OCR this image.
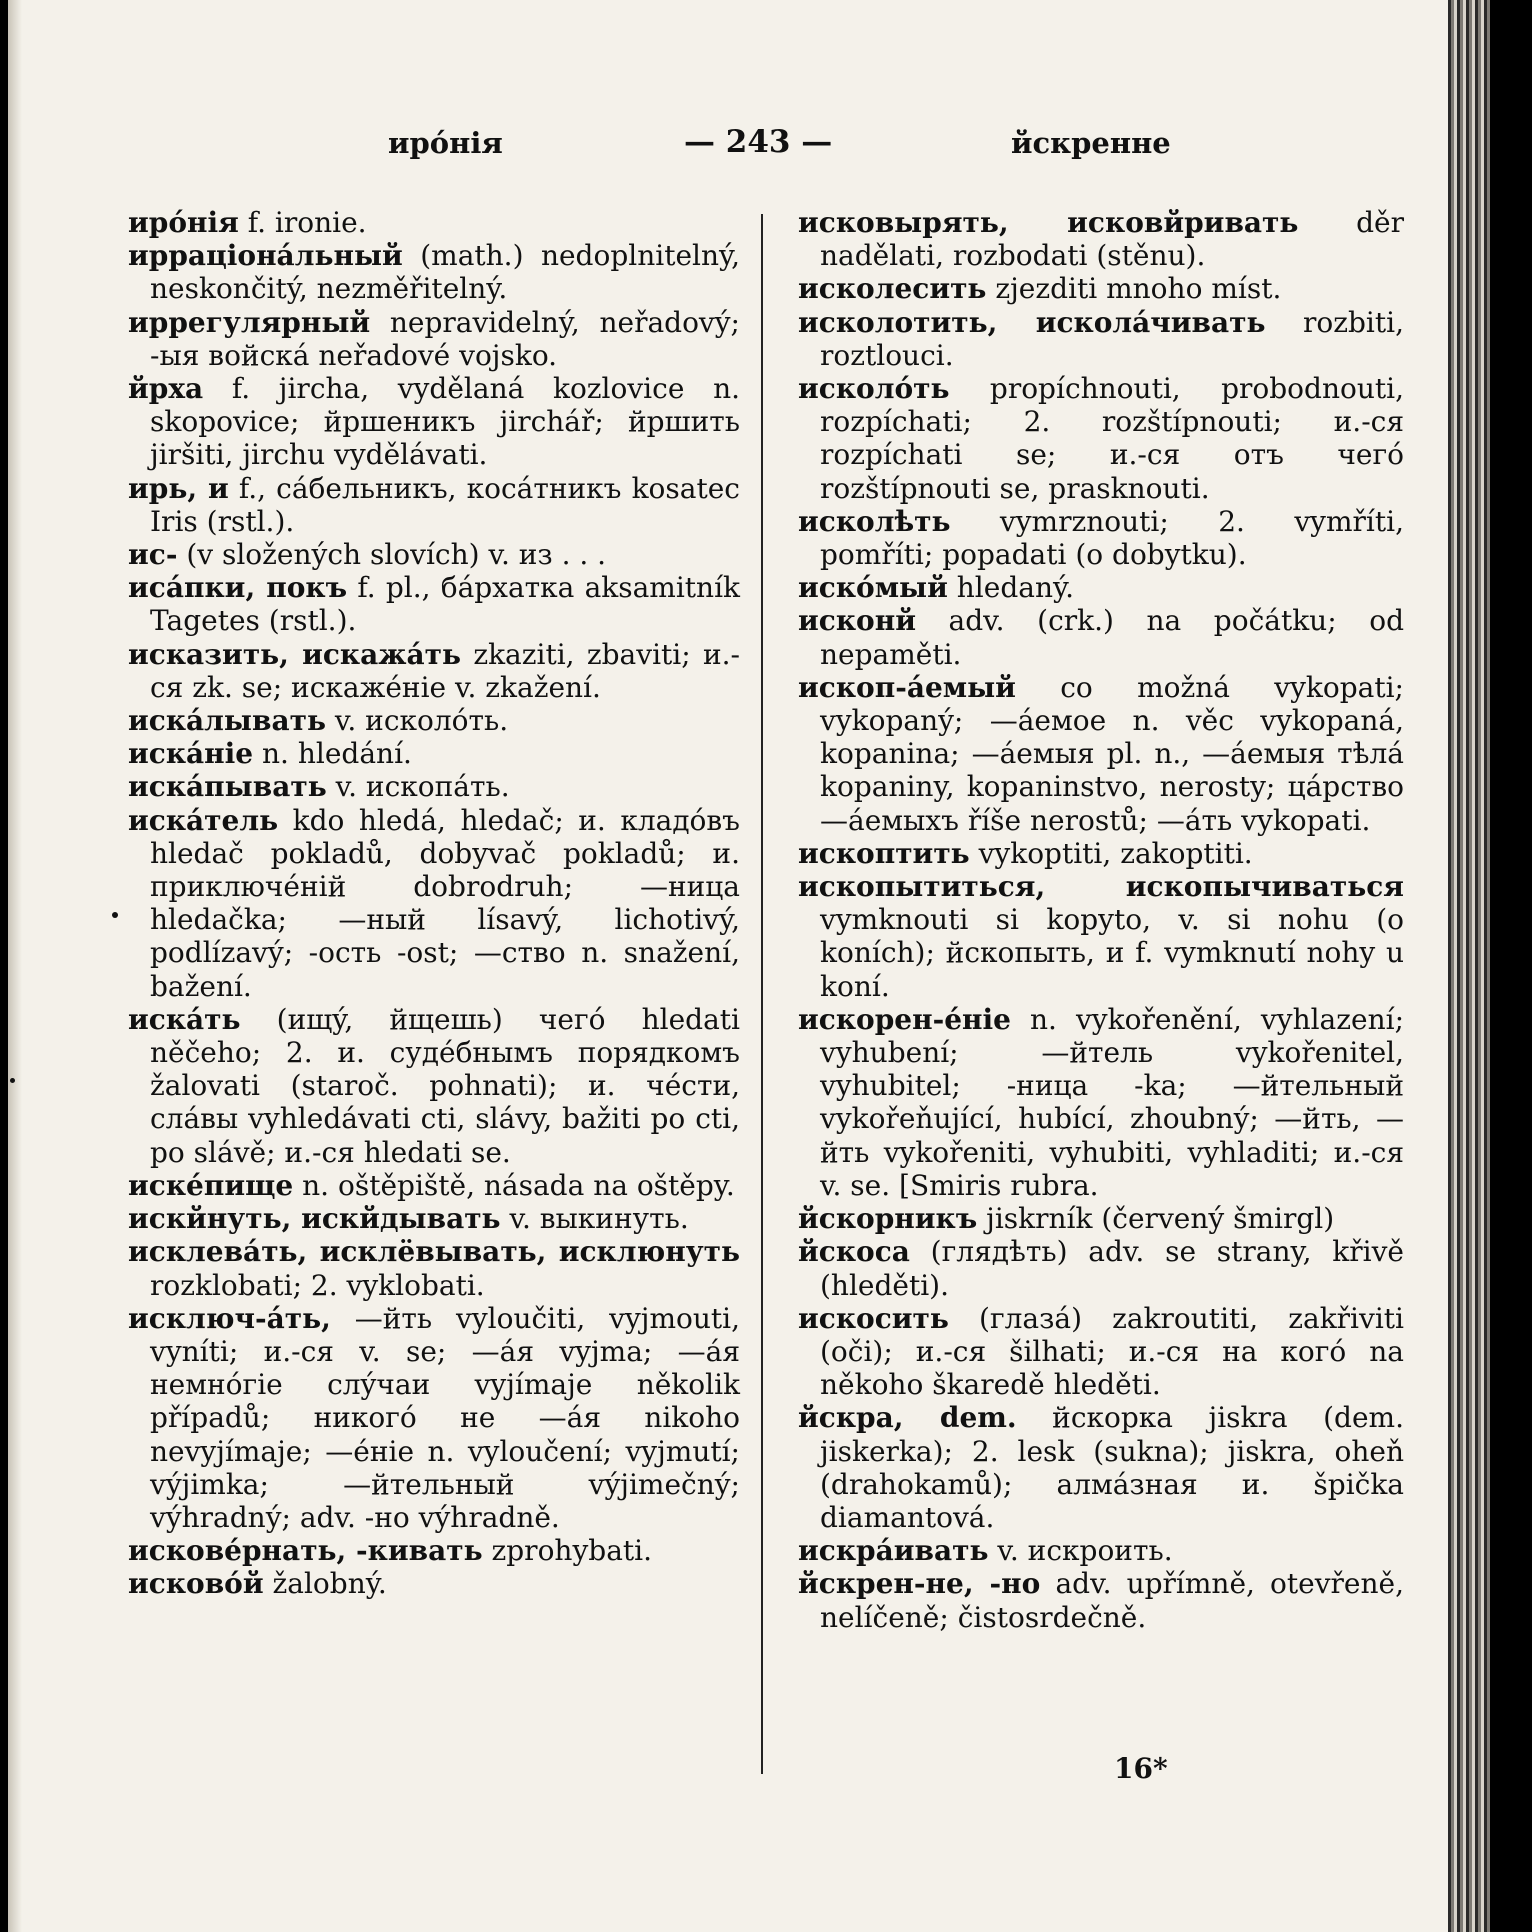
ирóнія	— 243 —	йскренне

ирóнія f. ironie.

ирраціонáльный (math.) nedoplnitelný, neskončitý, nezměřitelný.

иррегулярный nepravidelný, neřadový; -ыя войскá neřadové vojsko.

йрха f. jircha, vydělaná kozlovice n. skopovice; йршеникъ jirchář; йршить jiršiti, jirchu vydělávati.

ирь, и f., сáбельникъ, косáтникъ kosatec Iris (rstl.).

ис- (v složených slovích) v. из . . .

исáпки, покъ f. pl., бáрхатка aksamitník Tagetes (rstl.).

исказить, искажáть zkaziti, zbaviti; и.-ся zk. se; искажéніе v. zkažení.

искáлывать v. исколóть.

искáніе n. hledání.

искáпывать v. ископáть.

искáтель kdo hledá, hledač; и. кладóвъ hledač pokladů, dobyvač pokladů; и. приключéній dobrodruh; —ница hledačka; —ный lísavý, lichotivý, podlízavý; -ость -ost; —ство n. snažení, bažení.

искáть (ищý, йщешь) чегó hledati něčeho; 2. и. судéбнымъ порядкомъ žalovati (staroč. pohnati); и. чéсти, слáвы vyhledávati cti, slávy, bažiti po cti, po slávě; и.-ся hledati se.

искéпище n. oštěpiště, násada na oštěpy.

искйнуть, искйдывать v. выкинуть.

исклевáть, исклёвывать, исклюнуть rozklobati; 2. vyklobati.

исключ-áть, —йть vyloučiti, vyjmouti, vyníti; и.-ся v. se; —áя vyjma; —áя немнóгіе слýчаи vyjímaje několik případů; никогó не —áя nikoho nevyjímaje; —éніе n. vyloučení; vyjmutí; výjimka; —йтельный výjimečný; výhradný; adv. -но výhradně.

исковéрнать, -кивать zprohybati.

исковóй žalobný.

исковырять, исковйривать děr nadělati, rozbodati (stěnu).

исколесить zjezditi mnoho míst.

исколотить, исколáчивать rozbiti, roztlouci.

исколóть propíchnouti, probodnouti, rozpíchati; 2. rozštípnouti; и.-ся rozpíchati se; и.-ся отъ чегó rozštípnouti se, prasknouti.

исколѣть vymrznouti; 2. vymříti, pomříti; popadati (o dobytku).

искóмый hledaný.

исконй adv. (crk.) na počátku; od nepaměti.

ископ-áемый co možná vykopati; vykopaný; —áемое n. věc vykopaná, kopanina; —áемыя pl. n., —áемыя тѣлá kopaniny, kopaninstvo, nerosty; цáрство —áемыхъ říše nerostů; —áть vykopati.

ископтить vykoptiti, zakoptiti.

ископытиться, ископычиваться vymknouti si kopyto, v. si nohu (o koních); йскопыть, и f. vymknutí nohy u koní.

искорен-éніе n. vykořenění, vyhlazení; vyhubení; —йтель vykořenitel, vyhubitel; -ница -ka; —йтельный vykořeňující, hubící, zhoubný; —йть, —йть vykořeniti, vyhubiti, vyhladiti; и.-ся v. se. [Smiris rubra.

йскорникъ jiskrník (červený šmirgl)

йскоса (глядѣть) adv. se strany, křivě (hleděti).

искосить (глазá) zakroutiti, zakřiviti (oči); и.-ся šilhati; и.-ся на когó na někoho škaredě hleděti.

йскра, dem. йскорка jiskra (dem. jiskerka); 2. lesk (sukna); jiskra, oheň (drahokamů); алмáзная и. špička diamantová.

искрáивать v. искроить.

йскрен-не, -но adv. upřímně, otevřeně, nelíčeně; čistosrdečně.

16*
